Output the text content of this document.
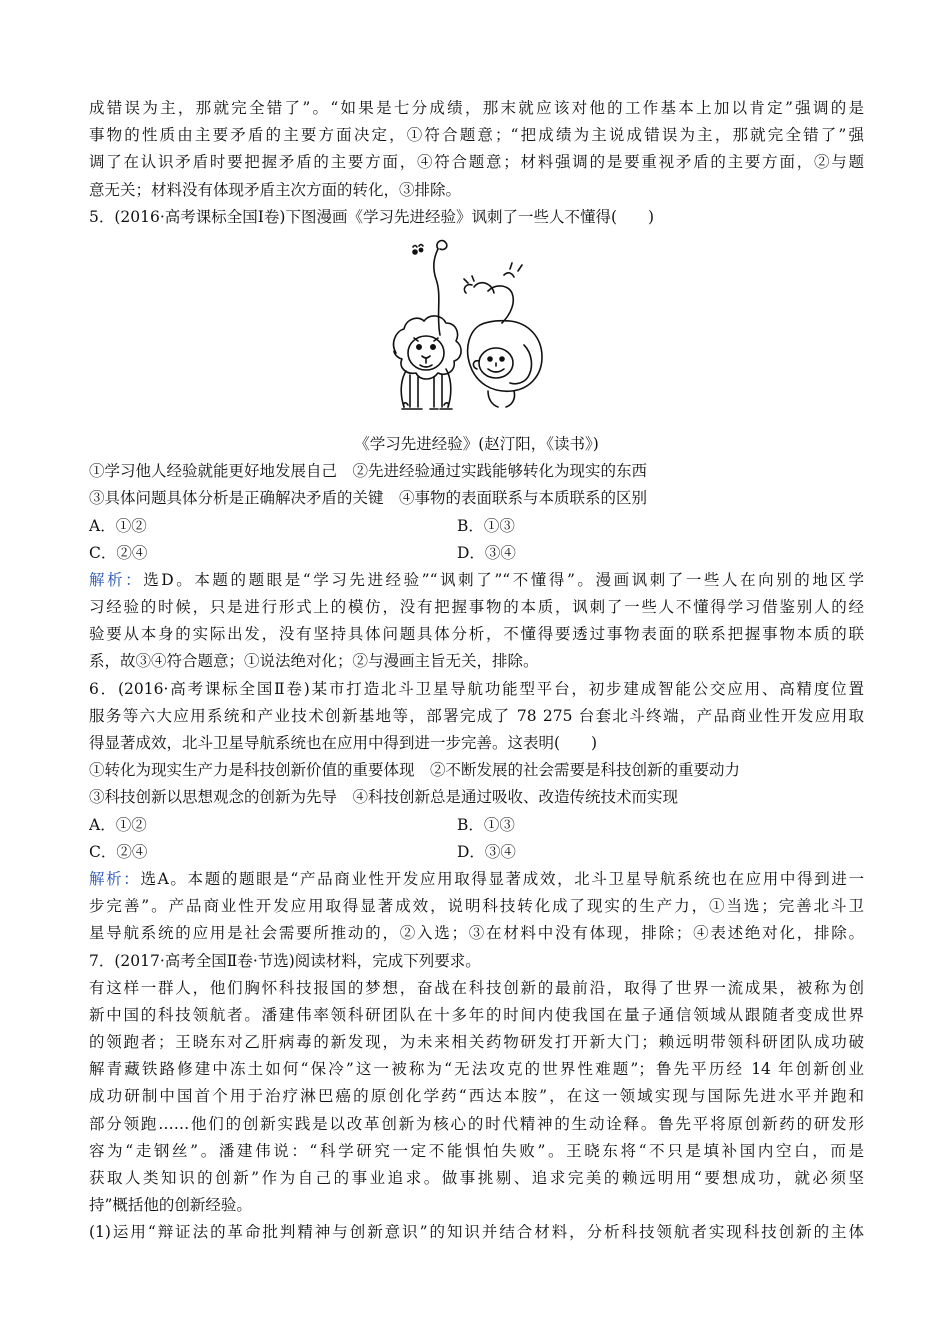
成错误为主，那就完全错了”。“如果是七分成绩，那末就应该对他的工作基本上加以肯定”强调的是
事物的性质由主要矛盾的主要方面决定，①符合题意；“把成绩为主说成错误为主，那就完全错了”强
调了在认识矛盾时要把握矛盾的主要方面，④符合题意；材料强调的是要重视矛盾的主要方面，②与题
意无关；材料没有体现矛盾主次方面的转化，③排除。
5．(2016·高考课标全国Ⅰ卷)下图漫画《学习先进经验》讽刺了一些人不懂得(　　)
《学习先进经验》(赵汀阳，《读书》)
①学习他人经验就能更好地发展自己　②先进经验通过实践能够转化为现实的东西
③具体问题具体分析是正确解决矛盾的关键　④事物的表面联系与本质联系的区别
A．①②	B．①③
C．②④	D．③④
解析：选D。本题的题眼是“学习先进经验”“讽刺了”“不懂得”。漫画讽刺了一些人在向别的地区学
习经验的时候，只是进行形式上的模仿，没有把握事物的本质，讽刺了一些人不懂得学习借鉴别人的经
验要从本身的实际出发，没有坚持具体问题具体分析，不懂得要透过事物表面的联系把握事物本质的联
系，故③④符合题意；①说法绝对化；②与漫画主旨无关，排除。
6．(2016·高考课标全国Ⅱ卷)某市打造北斗卫星导航功能型平台，初步建成智能公交应用、高精度位置
服务等六大应用系统和产业技术创新基地等，部署完成了 78 275 台套北斗终端，产品商业性开发应用取
得显著成效，北斗卫星导航系统也在应用中得到进一步完善。这表明(　　)
①转化为现实生产力是科技创新价值的重要体现　②不断发展的社会需要是科技创新的重要动力
③科技创新以思想观念的创新为先导　④科技创新总是通过吸收、改造传统技术而实现
A．①②	B．①③
C．②④	D．③④
解析：选A。本题的题眼是“产品商业性开发应用取得显著成效，北斗卫星导航系统也在应用中得到进一
步完善”。产品商业性开发应用取得显著成效，说明科技转化成了现实的生产力，①当选；完善北斗卫
星导航系统的应用是社会需要所推动的，②入选；③在材料中没有体现，排除；④表述绝对化，排除。
7．(2017·高考全国Ⅱ卷·节选)阅读材料，完成下列要求。
有这样一群人，他们胸怀科技报国的梦想，奋战在科技创新的最前沿，取得了世界一流成果，被称为创
新中国的科技领航者。潘建伟率领科研团队在十多年的时间内使我国在量子通信领域从跟随者变成世界
的领跑者；王晓东对乙肝病毒的新发现，为未来相关药物研发打开新大门；赖远明带领科研团队成功破
解青藏铁路修建中冻土如何“保冷”这一被称为“无法攻克的世界性难题”；鲁先平历经 14 年创新创业
成功研制中国首个用于治疗淋巴癌的原创化学药“西达本胺”，在这一领域实现与国际先进水平并跑和
部分领跑……他们的创新实践是以改革创新为核心的时代精神的生动诠释。鲁先平将原创新药的研发形
容为“走钢丝”。潘建伟说：“科学研究一定不能惧怕失败”。王晓东将“不只是填补国内空白，而是
获取人类知识的创新”作为自己的事业追求。做事挑剔、追求完美的赖远明用“要想成功，就必须坚
持”概括他的创新经验。
(1)运用“辩证法的革命批判精神与创新意识”的知识并结合材料，分析科技领航者实现科技创新的主体
